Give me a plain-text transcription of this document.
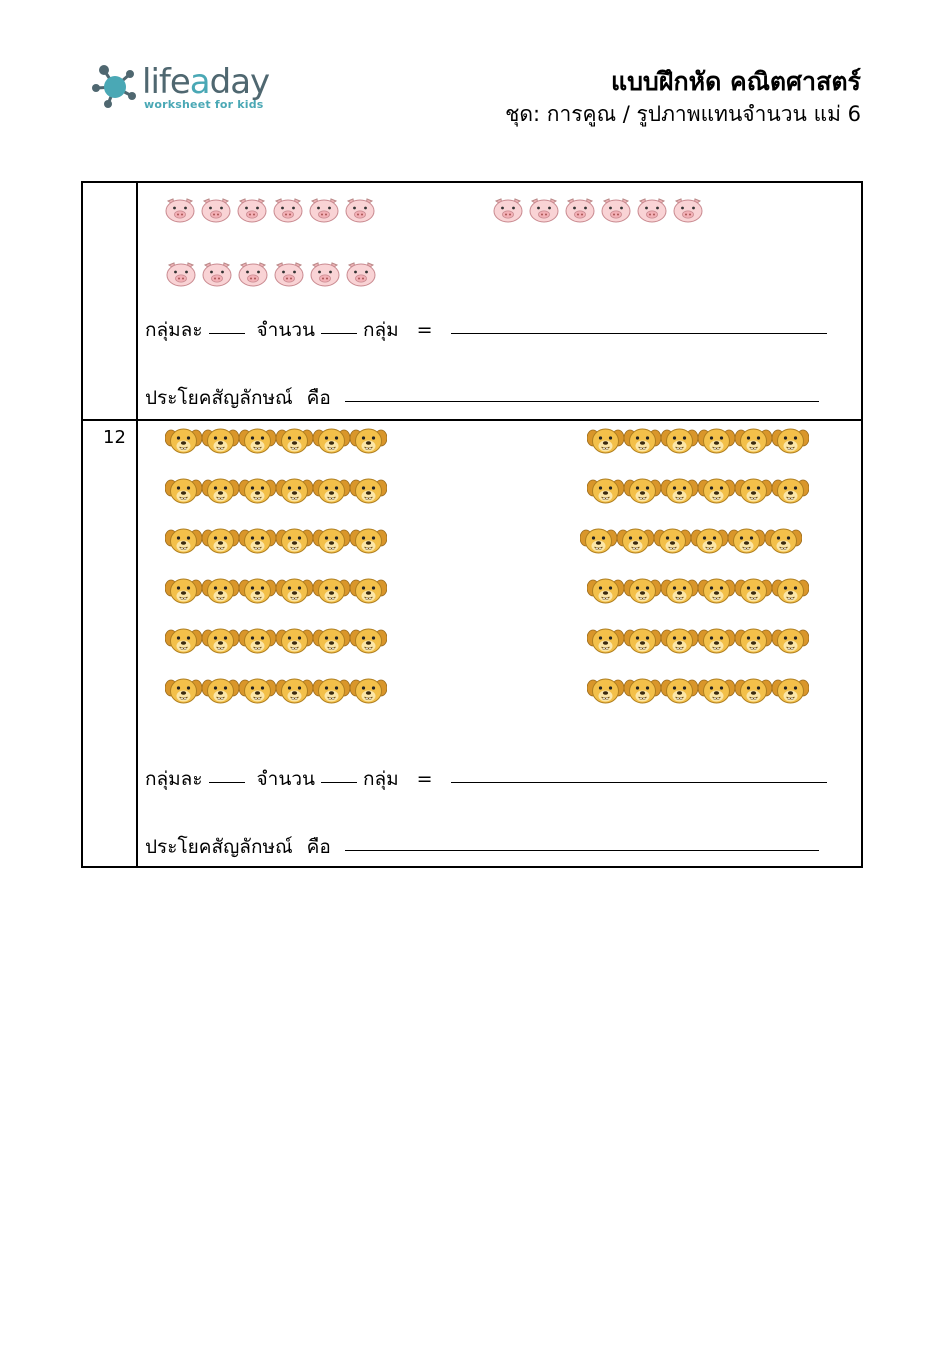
lifeaday
worksheet for kids
แบบฝึกหัด คณิตศาสตร์
ชุด: การคูณ / รูปภาพแทนจำนวน แม่ 6
12
กลุ่มละ	จำนวน	กลุ่ม =
ประโยคสัญลักษณ์ คือ
กลุ่มละ	จำนวน	กลุ่ม =
ประโยคสัญลักษณ์ คือ
